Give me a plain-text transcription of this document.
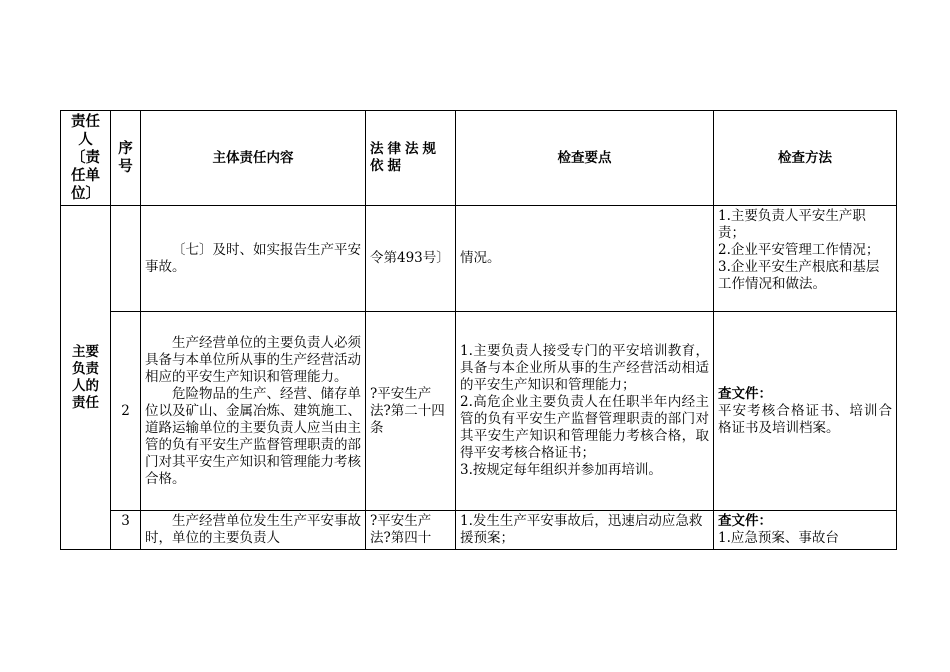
责任人〔责任单位〕	序号	主体责任内容	法律法规依据	检查要点	检查方法

主要负责人的责任		〔七〕及时、如实报告生产平安事故。	令第493号〕	情况。	1.主要负责人平安生产职责；
2.企业平安管理工作情况；
3.企业平安生产根底和基层工作情况和做法。

	2	生产经营单位的主要负责人必须具备与本单位所从事的生产经营活动相应的平安生产知识和管理能力。
危险物品的生产、经营、储存单位以及矿山、金属冶炼、建筑施工、道路运输单位的主要负责人应当由主管的负有平安生产监督管理职责的部门对其平安生产知识和管理能力考核合格。	?平安生产法?第二十四条	1.主要负责人接受专门的平安培训教育，具备与本企业所从事的生产经营活动相适的平安生产知识和管理能力；
2.高危企业主要负责人在任职半年内经主管的负有平安生产监督管理职责的部门对其平安生产知识和管理能力考核合格，取得平安考核合格证书；
3.按规定每年组织并参加再培训。	查文件：
平安考核合格证书、培训合格证书及培训档案。

	3	生产经营单位发生生产平安事故时，单位的主要负责人	?平安生产法?第四十	1.发生生产平安事故后，迅速启动应急救援预案；	查文件：
1.应急预案、事故台
